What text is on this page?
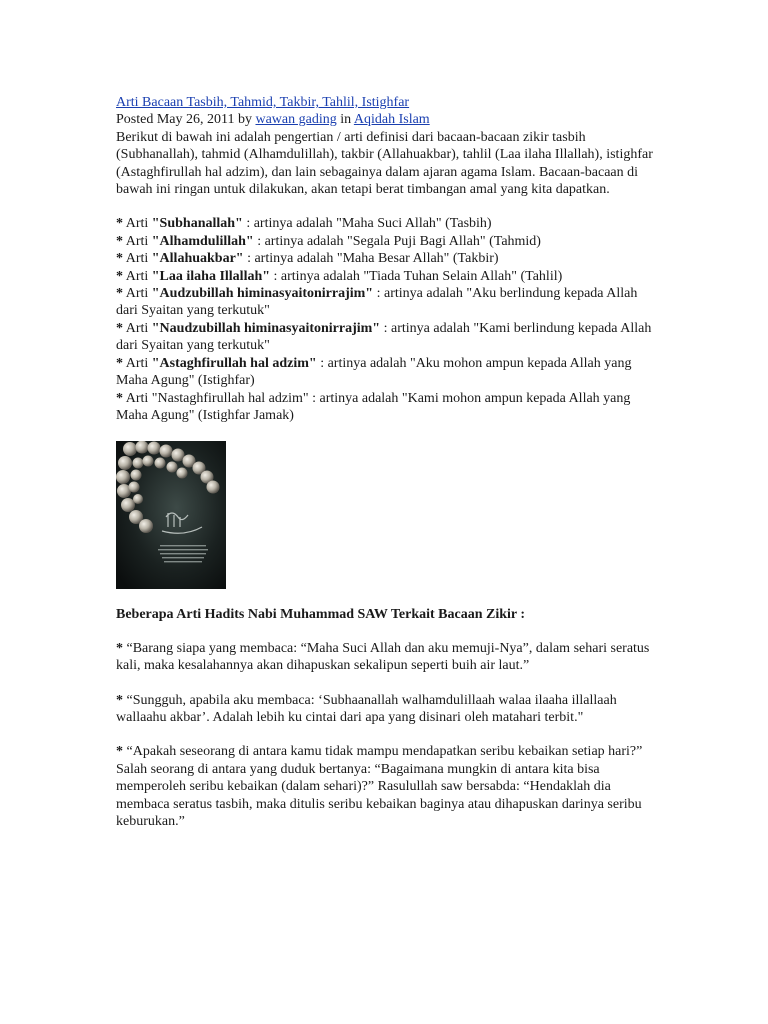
Arti Bacaan Tasbih, Tahmid, Takbir, Tahlil, Istighfar
Posted May 26, 2011 by wawan gading in Aqidah Islam

Berikut di bawah ini adalah pengertian / arti definisi dari bacaan-bacaan zikir tasbih (Subhanallah), tahmid (Alhamdulillah), takbir (Allahuakbar), tahlil (Laa ilaha Illallah), istighfar (Astaghfirullah hal adzim), dan lain sebagainya dalam ajaran agama Islam. Bacaan-bacaan di bawah ini ringan untuk dilakukan, akan tetapi berat timbangan amal yang kita dapatkan.

* Arti "Subhanallah" : artinya adalah "Maha Suci Allah" (Tasbih)
* Arti "Alhamdulillah" : artinya adalah "Segala Puji Bagi Allah" (Tahmid)
* Arti "Allahuakbar" : artinya adalah "Maha Besar Allah" (Takbir)
* Arti "Laa ilaha Illallah" : artinya adalah "Tiada Tuhan Selain Allah" (Tahlil)
* Arti "Audzubillah himinasyaitonirrajim" : artinya adalah "Aku berlindung kepada Allah dari Syaitan yang terkutuk"
* Arti "Naudzubillah himinasyaitonirrajim" : artinya adalah "Kami berlindung kepada Allah dari Syaitan yang terkutuk"
* Arti "Astaghfirullah hal adzim" : artinya adalah "Aku mohon ampun kepada Allah yang Maha Agung" (Istighfar)
* Arti "Nastaghfirullah hal adzim" : artinya adalah "Kami mohon ampun kepada Allah yang Maha Agung" (Istighfar Jamak)

Beberapa Arti Hadits Nabi Muhammad SAW Terkait Bacaan Zikir :

* “Barang siapa yang membaca: “Maha Suci Allah dan aku memuji-Nya”, dalam sehari seratus kali, maka kesalahannya akan dihapuskan sekalipun seperti buih air laut.”

* “Sungguh, apabila aku membaca: ‘Subhaanallah walhamdulillaah walaa ilaaha illallaah wallaahu akbar’. Adalah lebih ku cintai dari apa yang disinari oleh matahari terbit."

* “Apakah seseorang di antara kamu tidak mampu mendapatkan seribu kebaikan setiap hari?” Salah seorang di antara yang duduk bertanya: “Bagaimana mungkin di antara kita bisa memperoleh seribu kebaikan (dalam sehari)?” Rasulullah saw bersabda: “Hendaklah dia membaca seratus tasbih, maka ditulis seribu kebaikan baginya atau dihapuskan darinya seribu keburukan.”
